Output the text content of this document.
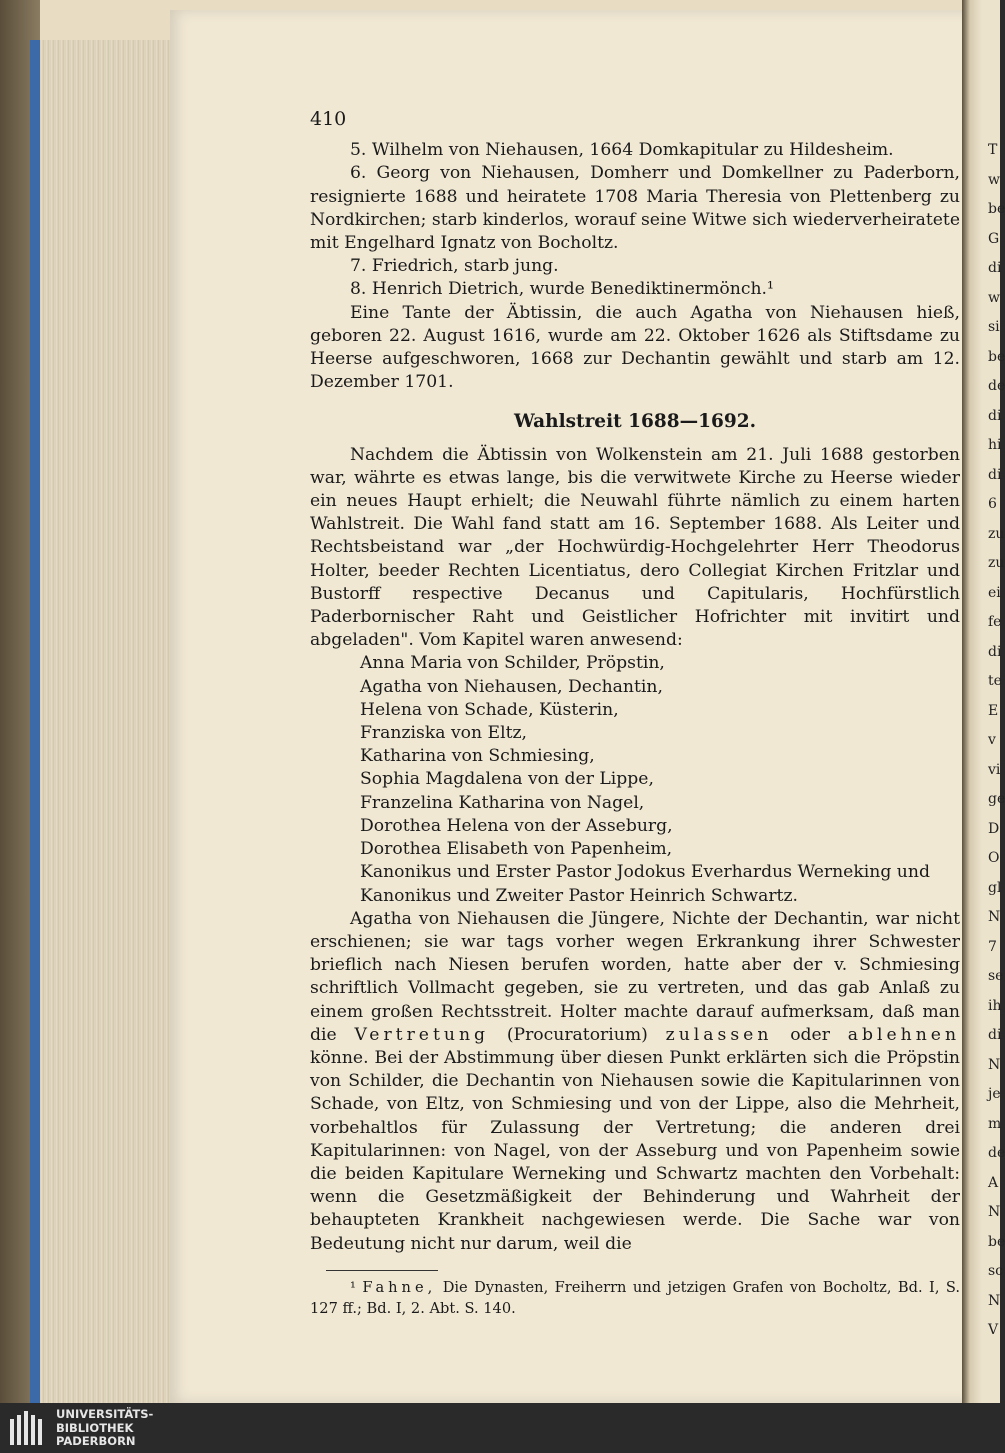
T
w
be
G
di
w
si
be
de
di
hi
di
6
zu
zu
ei
fe
di
te
E
v
vi
ge
D
O
gl
N
7
se
ih
di
N
je
m
de
A
N
be
sc
N
V
410

5. Wilhelm von Niehausen, 1664 Domkapitular zu Hildesheim.

6. Georg von Niehausen, Domherr und Domkellner zu Paderborn, resignierte 1688 und heiratete 1708 Maria Theresia von Plettenberg zu Nordkirchen; starb kinderlos, worauf seine Witwe sich wiederverheiratete mit Engelhard Ignatz von Bocholtz.

7. Friedrich, starb jung.

8. Henrich Dietrich, wurde Benediktinermönch.¹

Eine Tante der Äbtissin, die auch Agatha von Niehausen hieß, geboren 22. August 1616, wurde am 22. Oktober 1626 als Stiftsdame zu Heerse aufgeschworen, 1668 zur Dechantin gewählt und starb am 12. Dezember 1701.

Wahlstreit 1688—1692.

Nachdem die Äbtissin von Wolkenstein am 21. Juli 1688 gestorben war, währte es etwas lange, bis die verwitwete Kirche zu Heerse wieder ein neues Haupt erhielt; die Neuwahl führte nämlich zu einem harten Wahlstreit. Die Wahl fand statt am 16. September 1688. Als Leiter und Rechtsbeistand war „der Hochwürdig-Hochgelehrter Herr Theodorus Holter, beeder Rechten Licentiatus, dero Collegiat Kirchen Fritzlar und Bustorff respective Decanus und Capitularis, Hochfürstlich Paderbornischer Raht und Geistlicher Hofrichter mit invitirt und abgeladen". Vom Kapitel waren anwesend:

Anna Maria von Schilder, Pröpstin,
Agatha von Niehausen, Dechantin,
Helena von Schade, Küsterin,
Franziska von Eltz,
Katharina von Schmiesing,
Sophia Magdalena von der Lippe,
Franzelina Katharina von Nagel,
Dorothea Helena von der Asseburg,
Dorothea Elisabeth von Papenheim,
Kanonikus und Erster Pastor Jodokus Everhardus Werneking und
Kanonikus und Zweiter Pastor Heinrich Schwartz.

Agatha von Niehausen die Jüngere, Nichte der Dechantin, war nicht erschienen; sie war tags vorher wegen Erkrankung ihrer Schwester brieflich nach Niesen berufen worden, hatte aber der v. Schmiesing schriftlich Vollmacht gegeben, sie zu vertreten, und das gab Anlaß zu einem großen Rechtsstreit. Holter machte darauf aufmerksam, daß man die Vertretung (Procuratorium) zulassen oder ablehnen könne. Bei der Abstimmung über diesen Punkt erklärten sich die Pröpstin von Schilder, die Dechantin von Niehausen sowie die Kapitularinnen von Schade, von Eltz, von Schmiesing und von der Lippe, also die Mehrheit, vorbehaltlos für Zulassung der Vertretung; die anderen drei Kapitularinnen: von Nagel, von der Asseburg und von Papenheim sowie die beiden Kapitulare Werneking und Schwartz machten den Vorbehalt: wenn die Gesetzmäßigkeit der Behinderung und Wahrheit der behaupteten Krankheit nachgewiesen werde. Die Sache war von Bedeutung nicht nur darum, weil die

¹ Fahne, Die Dynasten, Freiherrn und jetzigen Grafen von Bocholtz, Bd. I, S. 127 ff.; Bd. I, 2. Abt. S. 140.

UNIVERSITÄTS-
BIBLIOTHEK
PADERBORN
